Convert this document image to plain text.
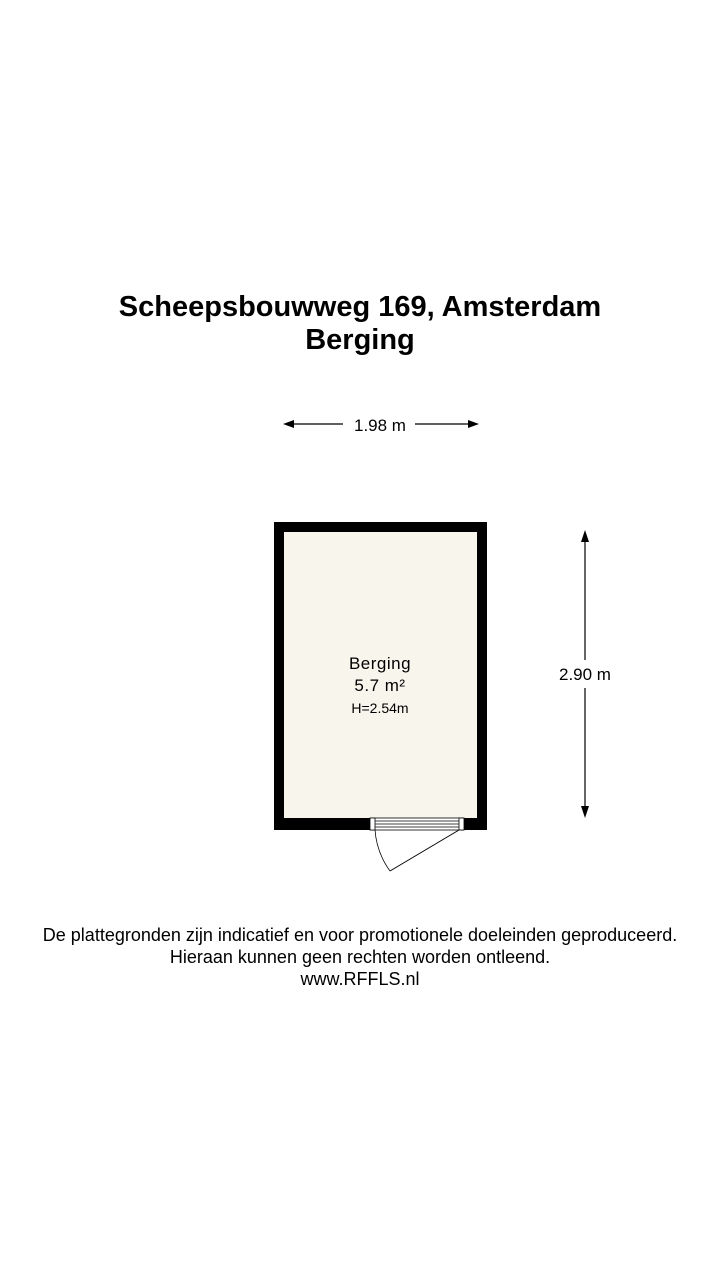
Scheepsbouwweg 169, Amsterdam
Berging
1.98 m
2.90 m
Berging
5.7 m²
H=2.54m
De plattegronden zijn indicatief en voor promotionele doeleinden geproduceerd.
Hieraan kunnen geen rechten worden ontleend.
www.RFFLS.nl
